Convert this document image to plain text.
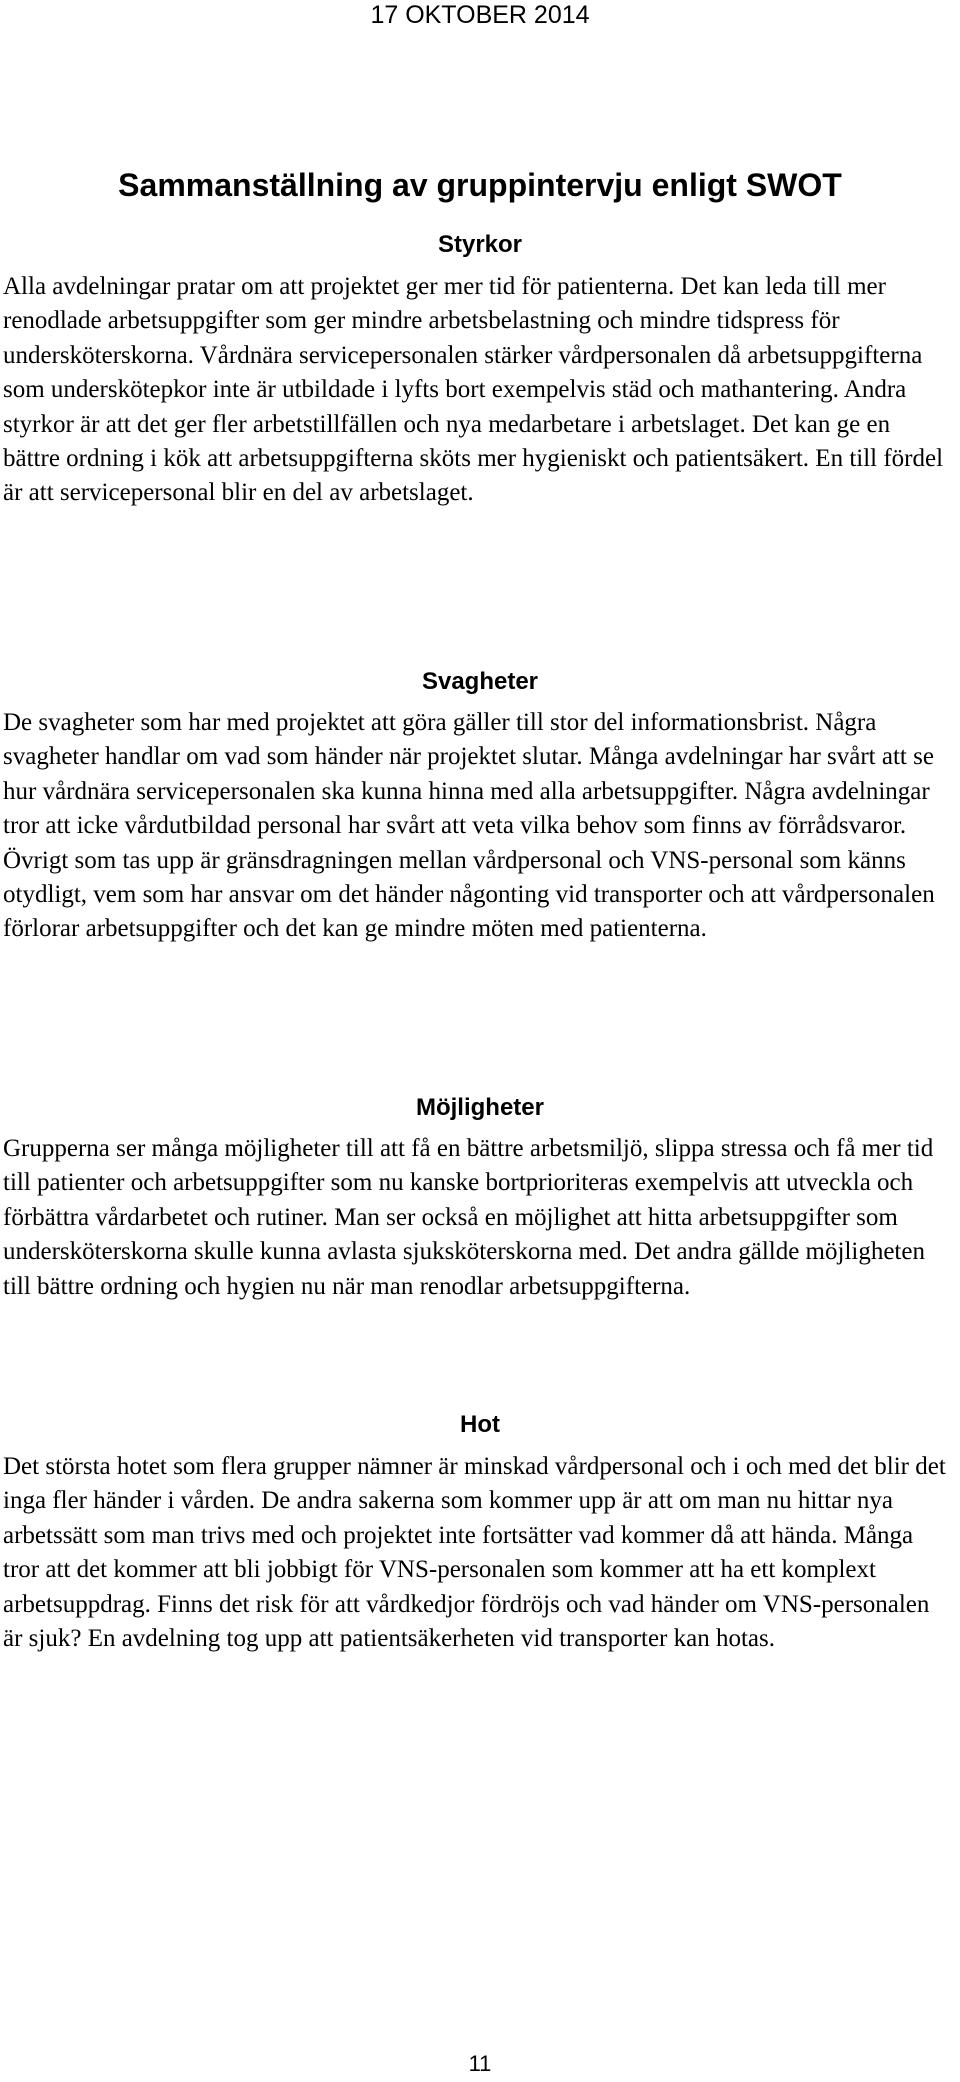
17 OKTOBER 2014
Sammanställning av gruppintervju enligt SWOT
Styrkor

Alla avdelningar pratar om att projektet ger mer tid för patienterna. Det kan leda till mer renodlade arbetsuppgifter som ger mindre arbetsbelastning och mindre tidspress för undersköterskorna. Vårdnära servicepersonalen stärker vårdpersonalen då arbetsuppgifterna som underskötерkor inte är utbildade i lyfts bort exempelvis städ och mathantering. Andra styrkor är att det ger fler arbetstillfällen och nya medarbetare i arbetslaget. Det kan ge en bättre ordning i kök att arbetsuppgifterna sköts mer hygieniskt och patientsäkert. En till fördel är att servicepersonal blir en del av arbetslaget.

Svagheter

De svagheter som har med projektet att göra gäller till stor del informationsbrist. Några svagheter handlar om vad som händer när projektet slutar. Många avdelningar har svårt att se hur vårdnära servicepersonalen ska kunna hinna med alla arbetsuppgifter. Några avdelningar tror att icke vårdutbildad personal har svårt att veta vilka behov som finns av förrådsvaror. Övrigt som tas upp är gränsdragningen mellan vårdpersonal och VNS-personal som känns otydligt, vem som har ansvar om det händer någonting vid transporter och att vårdpersonalen förlorar arbetsuppgifter och det kan ge mindre möten med patienterna.

Möjligheter

Grupperna ser många möjligheter till att få en bättre arbetsmiljö, slippa stressa och få mer tid till patienter och arbetsuppgifter som nu kanske bortprioriteras exempelvis att utveckla och förbättra vårdarbetet och rutiner. Man ser också en möjlighet att hitta arbetsuppgifter som undersköterskorna skulle kunna avlasta sjuksköterskorna med. Det andra gällde möjligheten till bättre ordning och hygien nu när man renodlar arbetsuppgifterna.

Hot

Det största hotet som flera grupper nämner är minskad vårdpersonal och i och med det blir det inga fler händer i vården. De andra sakerna som kommer upp är att om man nu hittar nya arbetssätt som man trivs med och projektet inte fortsätter vad kommer då att hända. Många tror att det kommer att bli jobbigt för VNS-personalen som kommer att ha ett komplext arbetsuppdrag. Finns det risk för att vårdkedjor fördröjs och vad händer om VNS-personalen är sjuk? En avdelning tog upp att patientsäkerheten vid transporter kan hotas.

11
